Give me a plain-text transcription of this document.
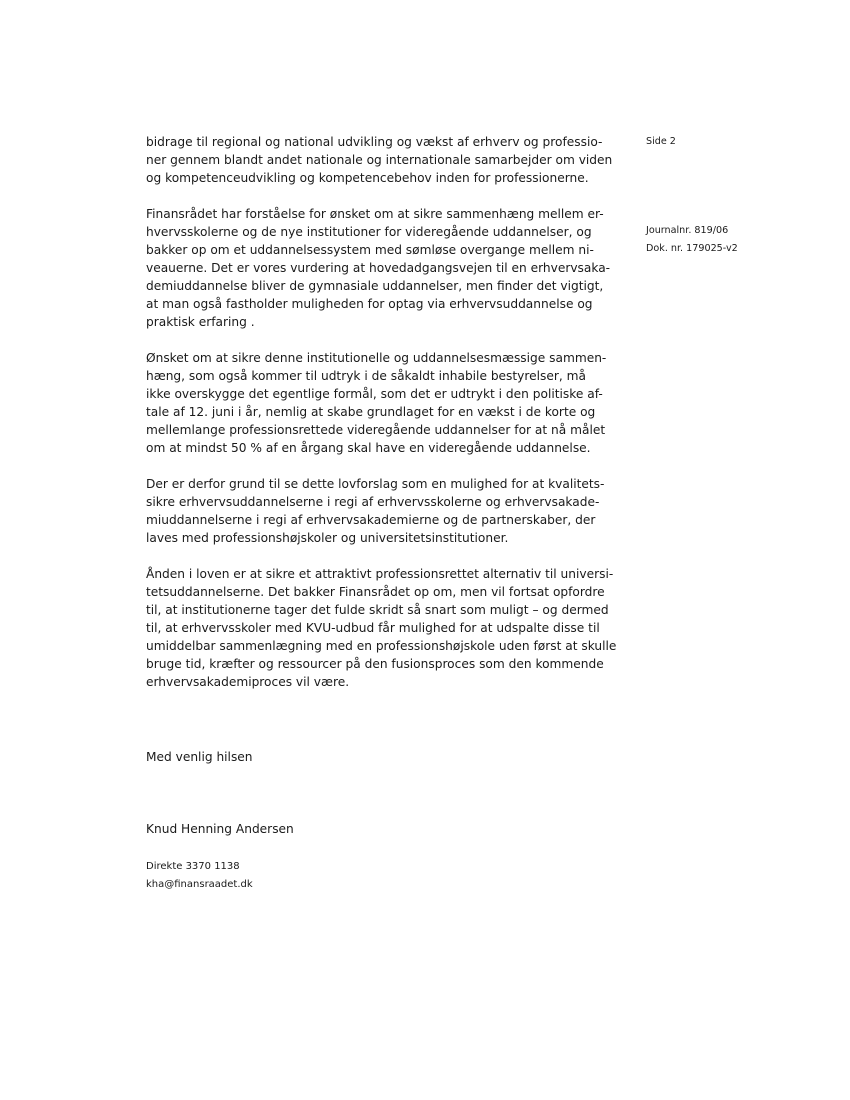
Side 2
Journalnr. 819/06
Dok. nr. 179025-v2

bidrage til regional og national udvikling og vækst af erhverv og professio-
ner gennem blandt andet nationale og internationale samarbejder om viden
og kompetenceudvikling og kompetencebehov inden for professionerne.

Finansrådet har forståelse for ønsket om at sikre sammenhæng mellem er-
hvervsskolerne og de nye institutioner for videregående uddannelser, og
bakker op om et uddannelsessystem med sømløse overgange mellem ni-
veauerne. Det er vores vurdering at hovedadgangsvejen til en erhvervsaka-
demiuddannelse bliver de gymnasiale uddannelser, men finder det vigtigt,
at man også fastholder muligheden for optag via erhvervsuddannelse og
praktisk erfaring .

Ønsket om at sikre denne institutionelle og uddannelsesmæssige sammen-
hæng, som også kommer til udtryk i de såkaldt inhabile bestyrelser, må
ikke overskygge det egentlige formål, som det er udtrykt i den politiske af-
tale af 12. juni i år, nemlig at skabe grundlaget for en vækst i de korte og
mellemlange professionsrettede videregående uddannelser for at nå målet
om at mindst 50 % af en årgang skal have en videregående uddannelse.

Der er derfor grund til se dette lovforslag som en mulighed for at kvalitets-
sikre erhvervsuddannelserne i regi af erhvervsskolerne og erhvervsakade-
miuddannelserne i regi af erhvervsakademierne og de partnerskaber, der
laves med professionshøjskoler og universitetsinstitutioner.

Ånden i loven er at sikre et attraktivt professionsrettet alternativ til universi-
tetsuddannelserne. Det bakker Finansrådet op om, men vil fortsat opfordre
til, at institutionerne tager det fulde skridt så snart som muligt – og dermed
til, at erhvervsskoler med KVU-udbud får mulighed for at udspalte disse til
umiddelbar sammenlægning med en professionshøjskole uden først at skulle
bruge tid, kræfter og ressourcer på den fusionsproces som den kommende
erhvervsakademiproces vil være.

Med venlig hilsen
Knud Henning Andersen
Direkte 3370 1138
kha@finansraadet.dk
